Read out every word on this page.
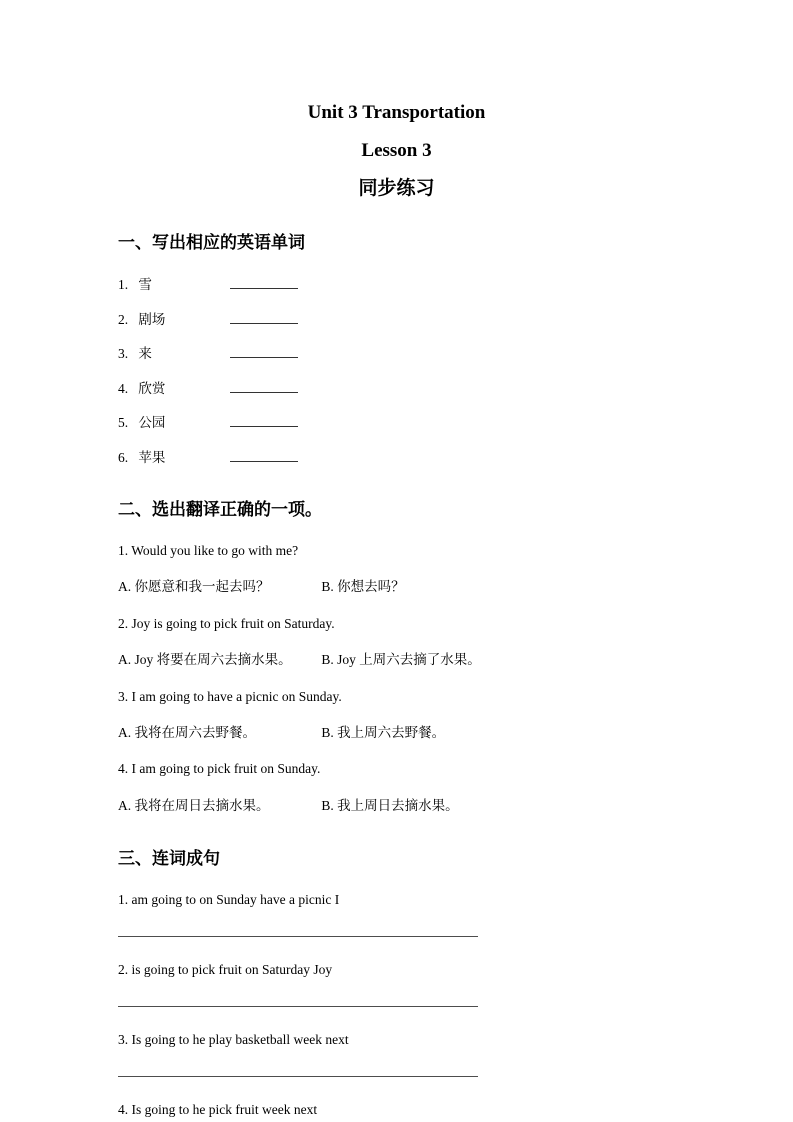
Unit 3 Transportation

Lesson 3

同步练习

一、写出相应的英语单词
1. 雪
2. 剧场
3. 来
4. 欣赏
5. 公园
6. 苹果
二、选出翻译正确的一项。

1. Would you like to go with me?

A. 你愿意和我一起去吗？	B. 你想去吗？

2. Joy is going to pick fruit on Saturday.

A. Joy 将要在周六去摘水果。 B. Joy 上周六去摘了水果。

3. I am going to have a picnic on Sunday.

A. 我将在周六去野餐。	B. 我上周六去野餐。

4. I am going to pick fruit on Sunday.

A. 我将在周日去摘水果。	B. 我上周日去摘水果。

三、连词成句

1. am going to on Sunday have a picnic I

2. is going to pick fruit on Saturday Joy

3. Is going to he play basketball week next

4. Is going to he pick fruit week next
